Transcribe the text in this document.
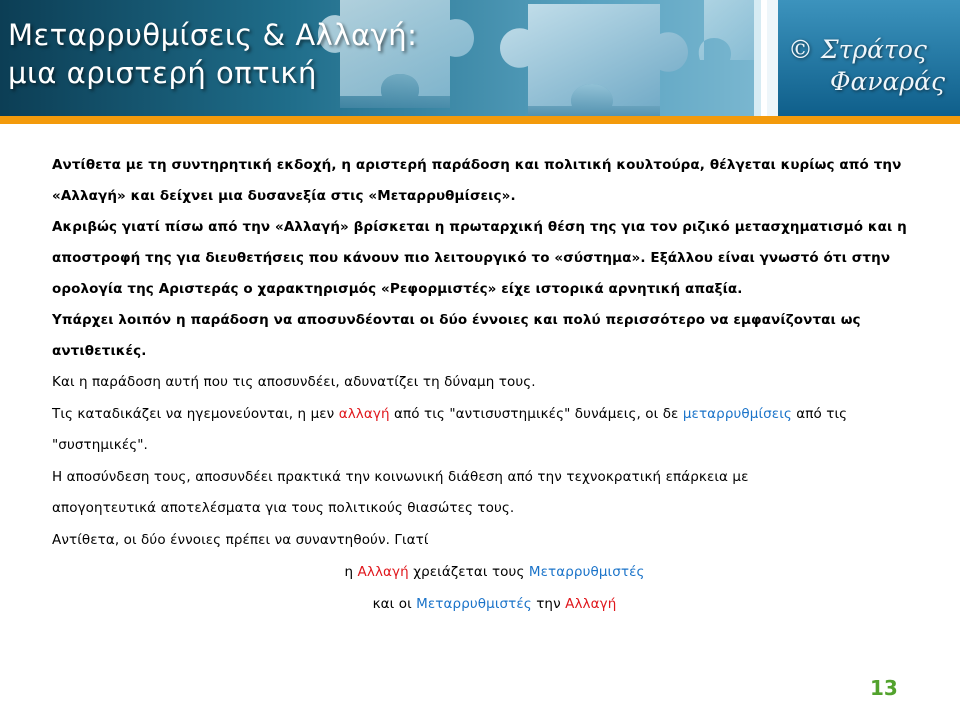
Μεταρρυθμίσεις & Αλλαγή:
μια αριστερή οπτική
© Στράτος
Φαναράς

Αντίθετα με τη συντηρητική εκδοχή, η αριστερή παράδοση και πολιτική κουλτούρα, θέλγεται κυρίως από την

«Αλλαγή» και δείχνει μια δυσανεξία στις «Μεταρρυθμίσεις».

Ακριβώς γιατί πίσω από την «Αλλαγή» βρίσκεται η πρωταρχική θέση της για τον ριζικό μετασχηματισμό και η

αποστροφή της για διευθετήσεις που κάνουν πιο λειτουργικό το «σύστημα». Εξάλλου είναι γνωστό ότι στην

ορολογία της Αριστεράς ο χαρακτηρισμός «Ρεφορμιστές» είχε ιστορικά αρνητική απαξία.

Υπάρχει λοιπόν η παράδοση να αποσυνδέονται οι δύο έννοιες και πολύ περισσότερο να εμφανίζονται ως

αντιθετικές.

Και η παράδοση αυτή που τις αποσυνδέει, αδυνατίζει τη δύναμη τους.

Τις καταδικάζει να ηγεμονεύονται, η μεν αλλαγή από τις "αντισυστημικές" δυνάμεις, οι δε μεταρρυθμίσεις από τις

"συστημικές".

Η αποσύνδεση τους, αποσυνδέει πρακτικά την κοινωνική διάθεση από την τεχνοκρατική επάρκεια με

απογοητευτικά αποτελέσματα για τους πολιτικούς θιασώτες τους.

Αντίθετα, οι δύο έννοιες πρέπει να συναντηθούν. Γιατί

η Αλλαγή χρειάζεται τους Μεταρρυθμιστές

και οι Μεταρρυθμιστές την Αλλαγή

13
